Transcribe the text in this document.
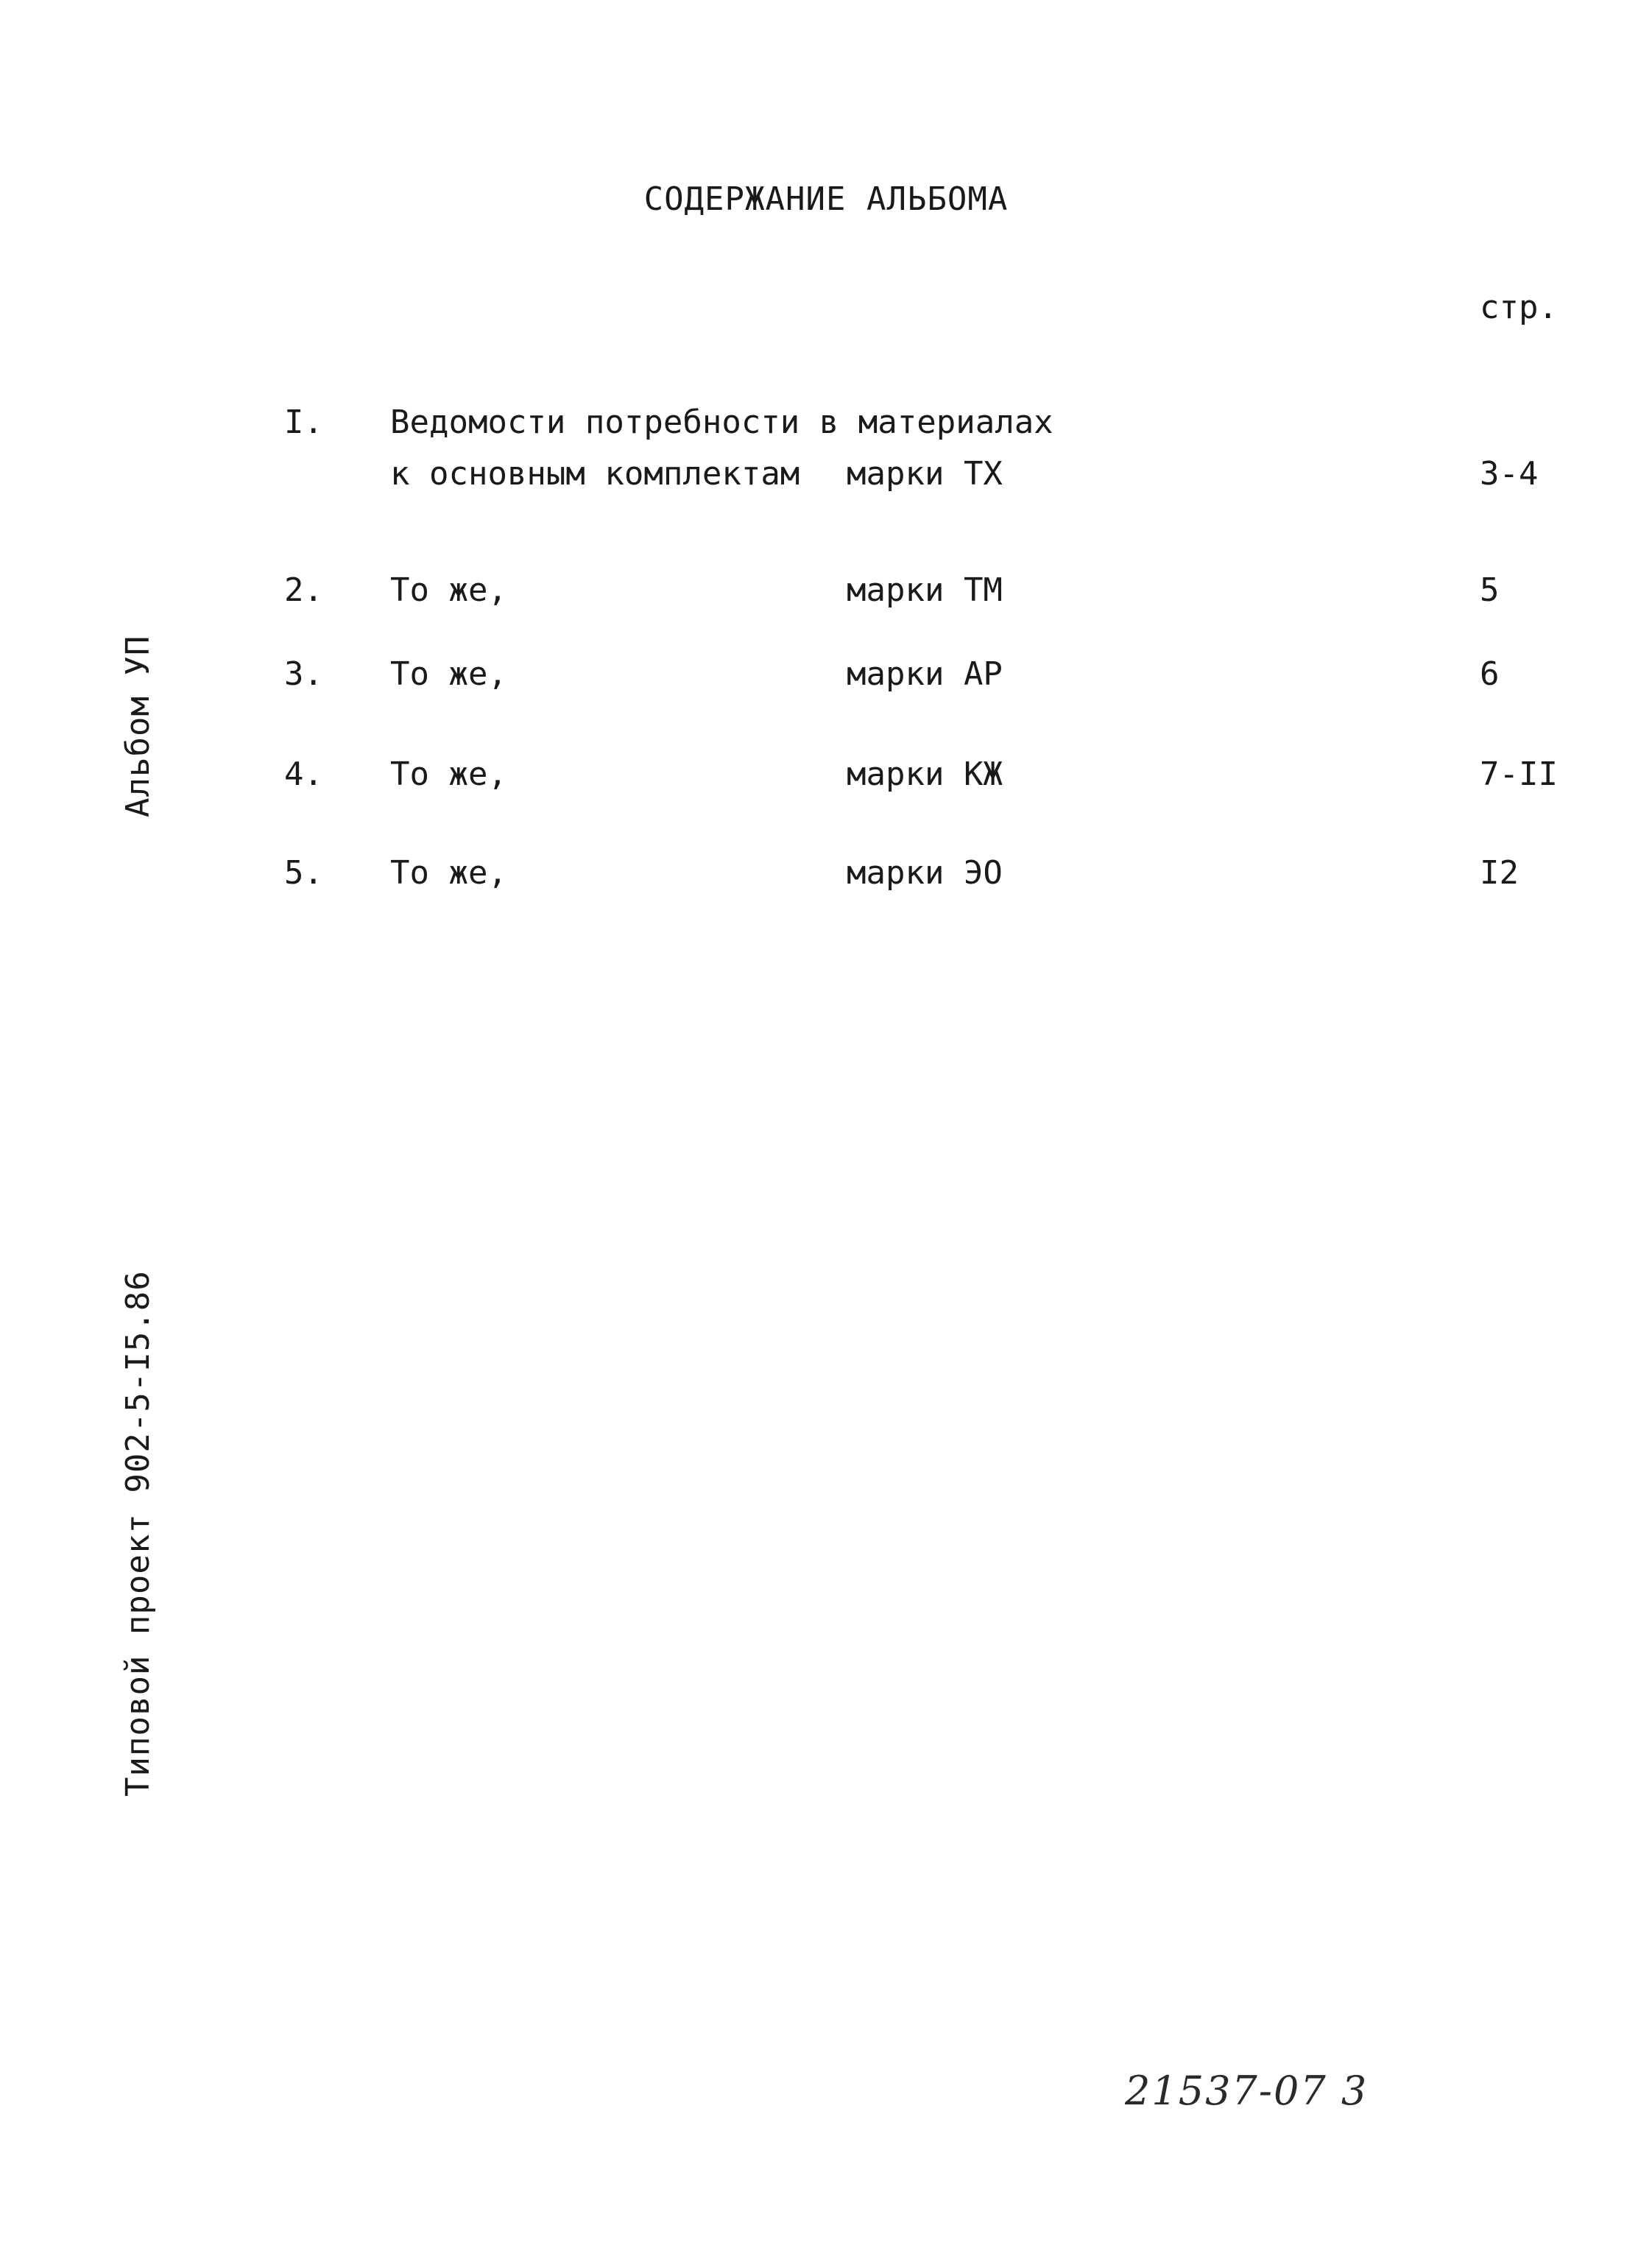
СОДЕРЖАНИЕ АЛЬБОМА
стр.
I. Ведомости потребности в материалах
к основным комплектам марки ТХ	3-4
2. То же,	марки ТМ	5
3. То же,	марки АР	6
4. То же,	марки КЖ	7-II
5. То же,	марки ЭО	I2
Альбом УП
Типовой проект 902-5-I5.86
21537-07 3
